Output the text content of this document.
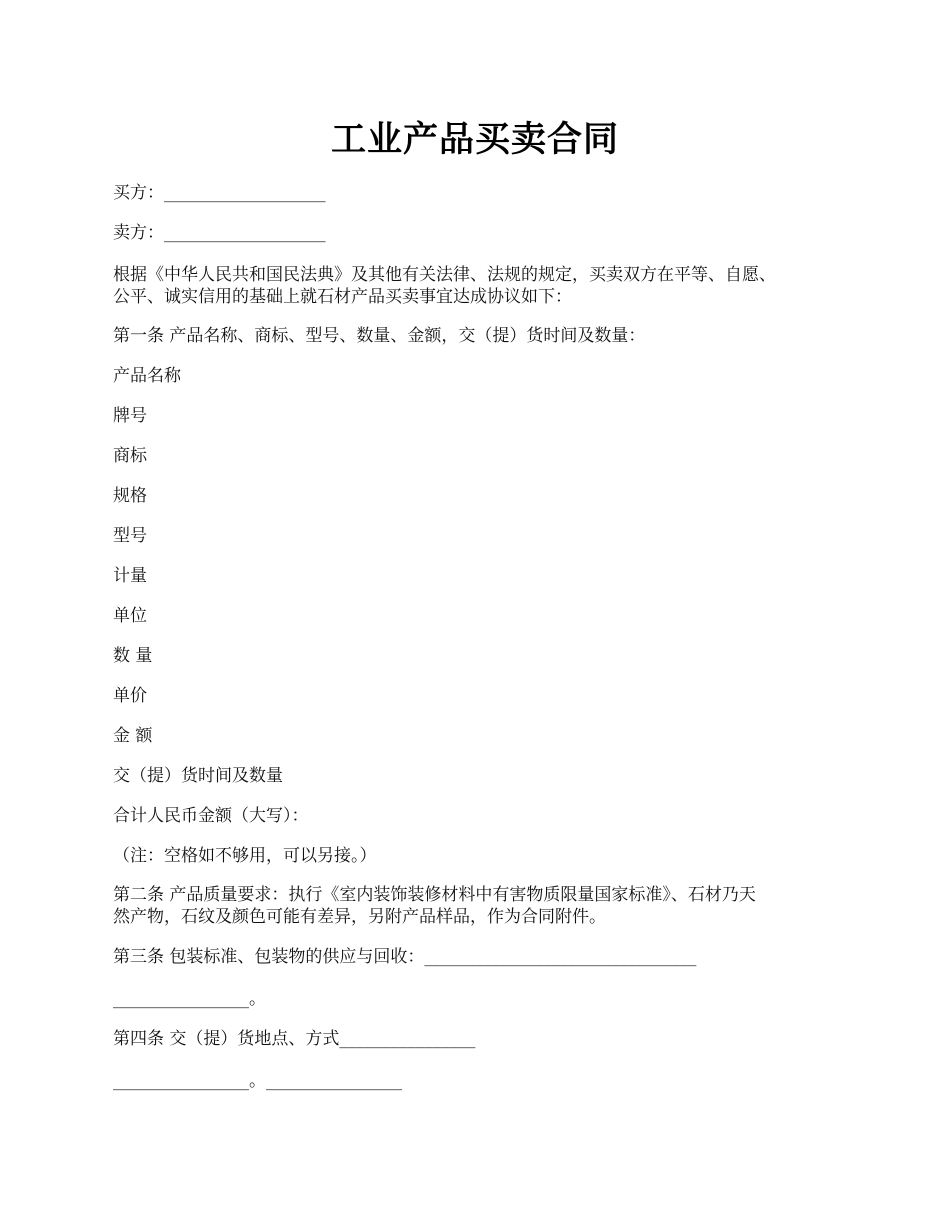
工业产品买卖合同
买方：___________________
卖方：___________________
根据《中华人民共和国民法典》及其他有关法律、法规的规定，买卖双方在平等、自愿、
公平、诚实信用的基础上就石材产品买卖事宜达成协议如下：
第一条 产品名称、商标、型号、数量、金额，交（提）货时间及数量：
产品名称
牌号
商标
规格
型号
计量
单位
数 量
单价
金 额
交（提）货时间及数量
合计人民币金额（大写）：
（注：空格如不够用，可以另接。）
第二条 产品质量要求：执行《室内装饰装修材料中有害物质限量国家标准》、石材乃天
然产物，石纹及颜色可能有差异，另附产品样品，作为合同附件。
第三条 包装标准、包装物的供应与回收：________________________________
________________。
第四条 交（提）货地点、方式________________
________________。________________
